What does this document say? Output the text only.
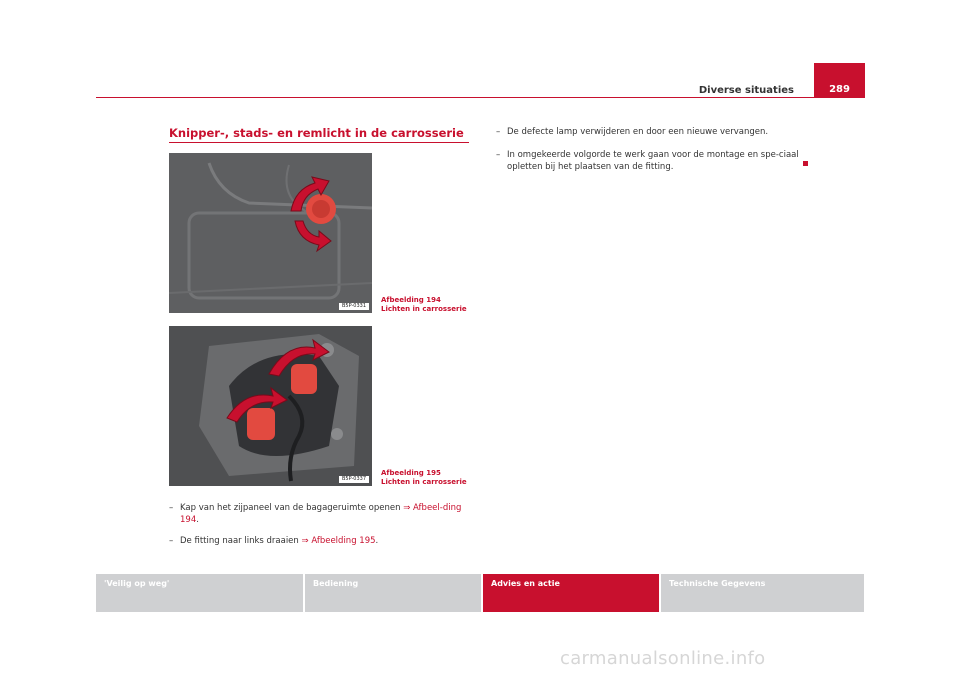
Diverse situaties	289
Knipper-, stads- en remlicht in de carrosserie
B5P-0331
Afbeelding 194 Lichten in carrosserie
B5P-0337
Afbeelding 195 Lichten in carrosserie
– Kap van het zijpaneel van de bagageruimte openen ⇒ Afbeel-ding 194.
– De fitting naar links draaien ⇒ Afbeelding 195.
– De defecte lamp verwijderen en door een nieuwe vervangen.
– In omgekeerde volgorde te werk gaan voor de montage en spe-ciaal opletten bij het plaatsen van de fitting.
'Veilig op weg'	Bediening	Advies en actie	Technische Gegevens
carmanualsonline.info
